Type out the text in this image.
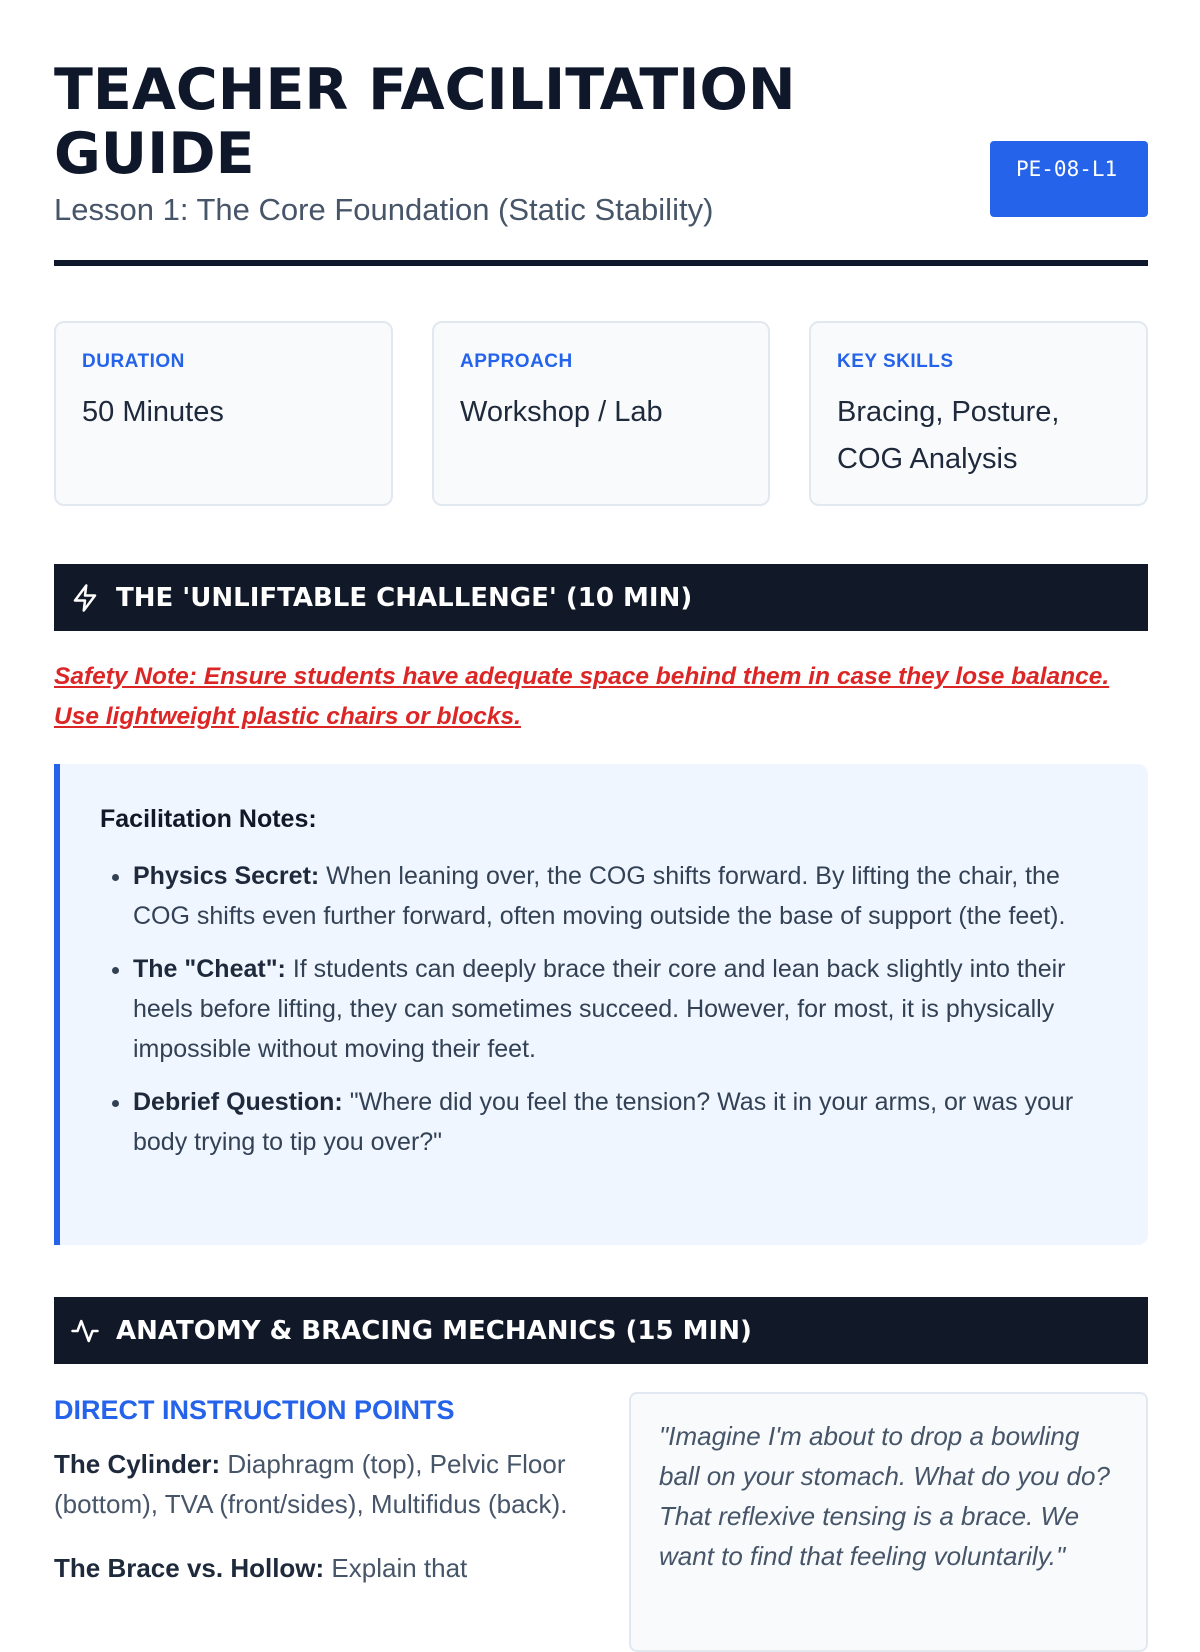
TEACHER FACILITATION GUIDE
Lesson 1: The Core Foundation (Static Stability)
PE-08-L1
DURATION
50 Minutes
APPROACH
Workshop / Lab
KEY SKILLS
Bracing, Posture, COG Analysis
THE 'UNLIFTABLE CHALLENGE' (10 MIN)
Safety Note: Ensure students have adequate space behind them in case they lose balance. Use lightweight plastic chairs or blocks.
Facilitation Notes:
• Physics Secret: When leaning over, the COG shifts forward. By lifting the chair, the COG shifts even further forward, often moving outside the base of support (the feet).
• The "Cheat": If students can deeply brace their core and lean back slightly into their heels before lifting, they can sometimes succeed. However, for most, it is physically impossible without moving their feet.
• Debrief Question: "Where did you feel the tension? Was it in your arms, or was your body trying to tip you over?"
ANATOMY & BRACING MECHANICS (15 MIN)
DIRECT INSTRUCTION POINTS

The Cylinder: Diaphragm (top), Pelvic Floor (bottom), TVA (front/sides), Multifidus (back).

The Brace vs. Hollow: Explain that

"Imagine I'm about to drop a bowling ball on your stomach. What do you do? That reflexive tensing is a brace. We want to find that feeling voluntarily."
